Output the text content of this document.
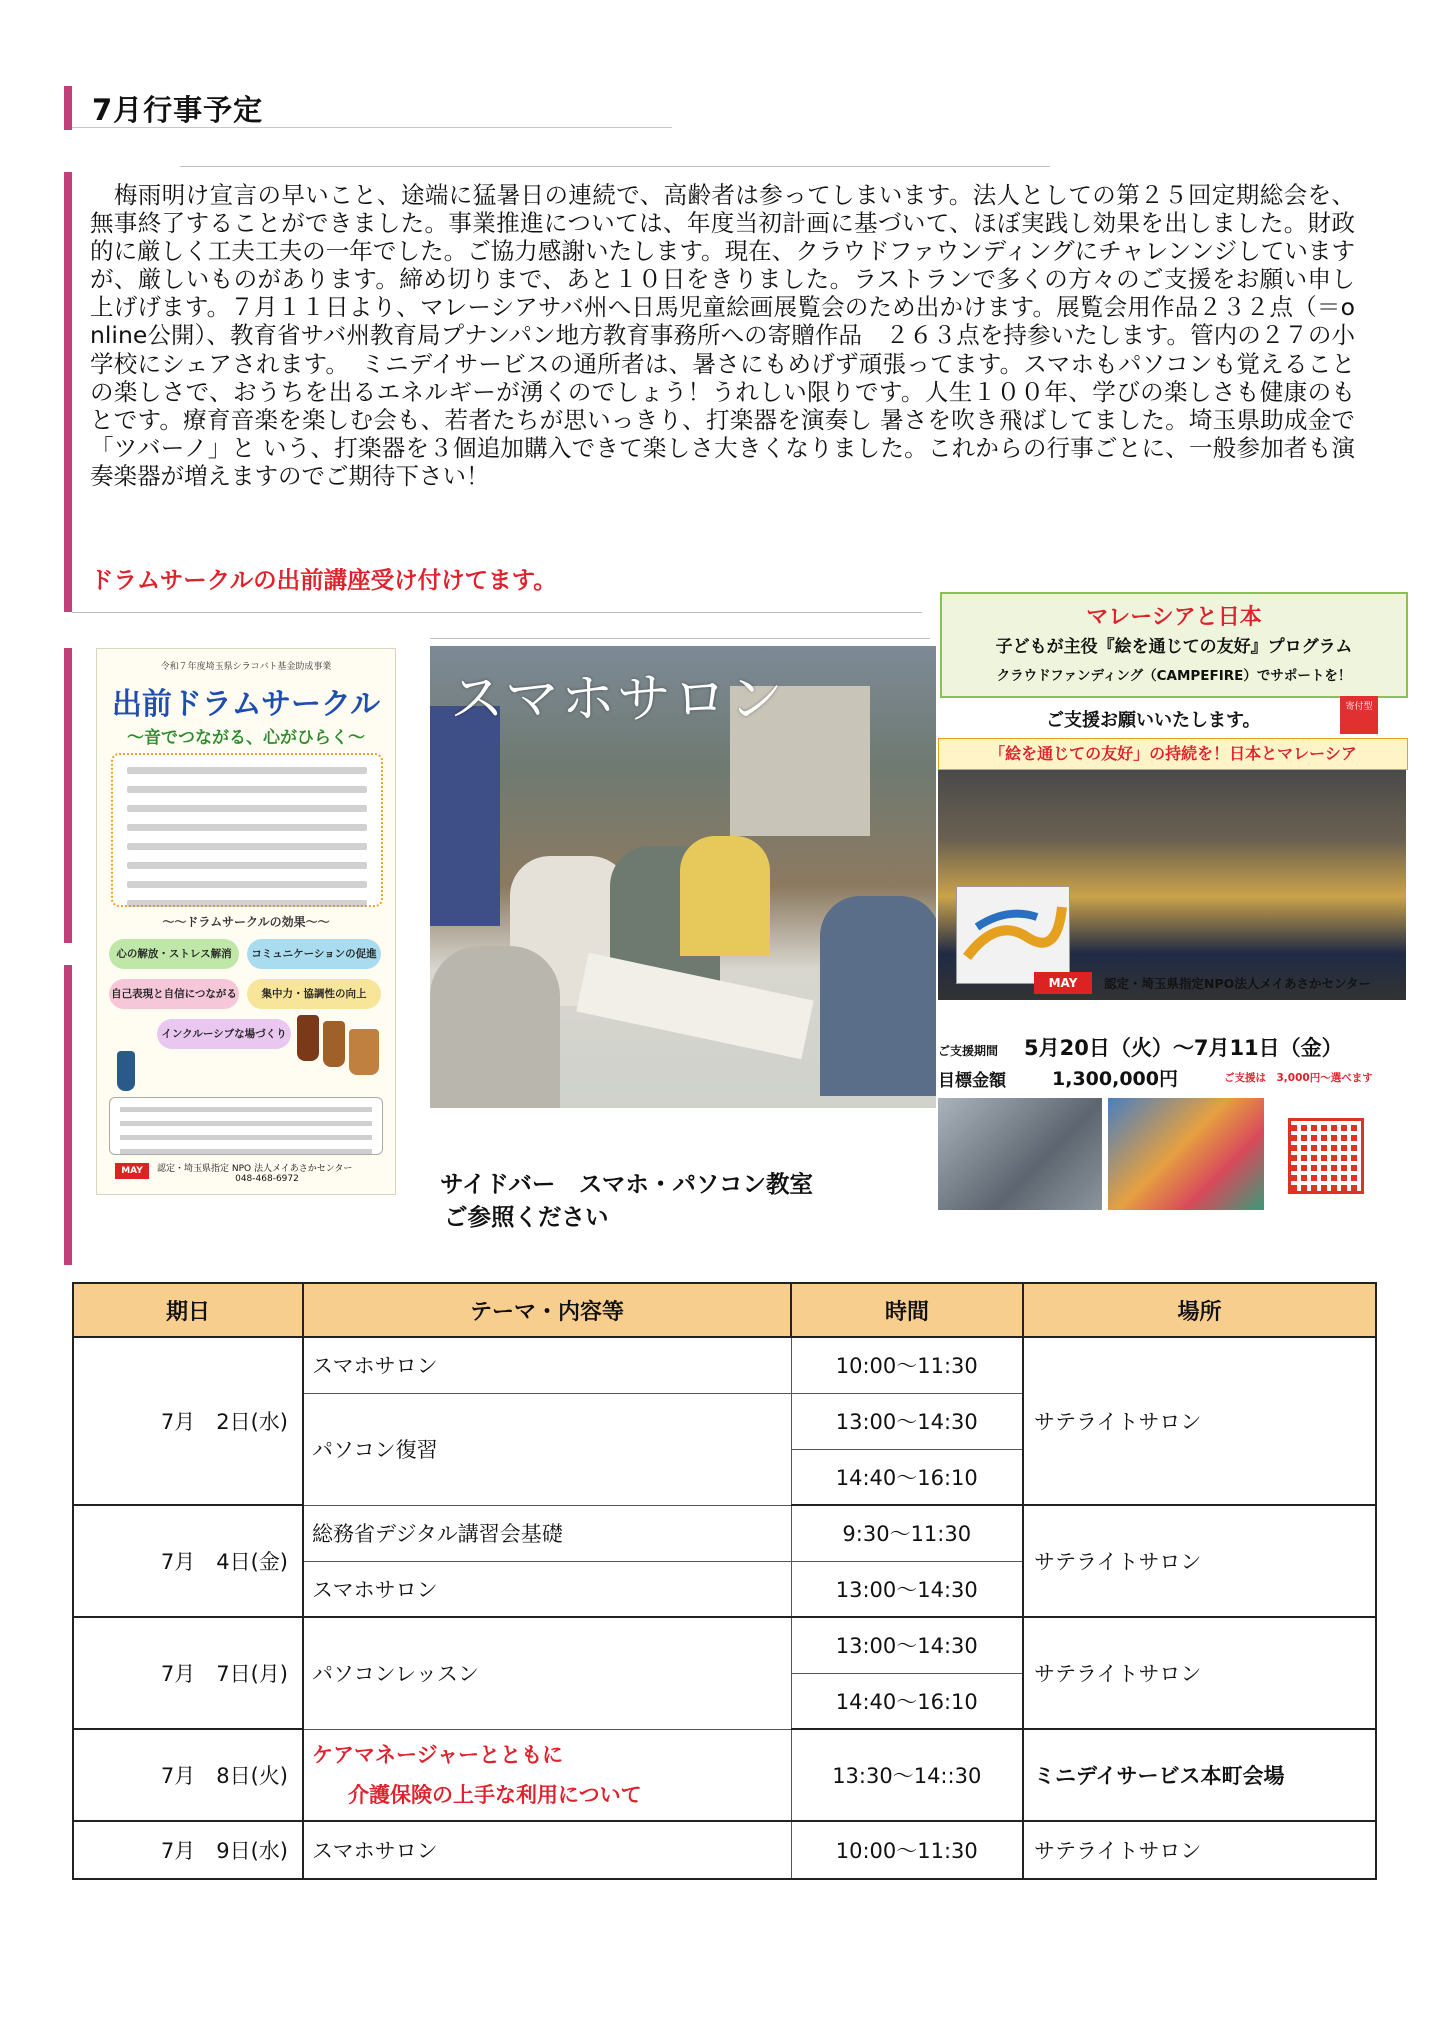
7月行事予定
　梅雨明け宣言の早いこと、途端に猛暑日の連続で、高齢者は参ってしまいます。法人としての第２５回定期総会を、無事終了することができました。事業推進については、年度当初計画に基づいて、ほぼ実践し効果を出しました。財政的に厳しく工夫工夫の一年でした。ご協力感謝いたします。現在、クラウドファウンディングにチャレンンジしていますが、厳しいものがあります。締め切りまで、あと１０日をきりました。ラストランで多くの方々のご支援をお願い申し上げげます。７月１１日より、マレーシアサバ州へ日馬児童絵画展覧会のため出かけます。展覧会用作品２３２点（＝online公開）、教育省サバ州教育局プナンパン地方教育事務所への寄贈作品　２６３点を持参いたします。管内の２７の小学校にシェアされます。　ミニデイサービスの通所者は、暑さにもめげず頑張ってます。スマホもパソコンも覚えることの楽しさで、おうちを出るエネルギーが湧くのでしょう！うれしい限りです。人生１００年、学びの楽しさも健康のもとです。療育音楽を楽しむ会も、若者たちが思いっきり、打楽器を演奏し 暑さを吹き飛ばしてました。埼玉県助成金で「ツバーノ」と いう、打楽器を３個追加購入できて楽しさ大きくなりました。これからの行事ごとに、一般参加者も演奏楽器が増えますのでご期待下さい！
ドラムサークルの出前講座受け付けてます。
令和７年度埼玉県シラコバト基金助成事業
出前ドラムサークル
～音でつながる、心がひらく～
～～ドラムサークルの効果～～
心の解放・ストレス解消	コミュニケーションの促進
自己表現と自信につながる	集中力・協調性の向上
インクルーシブな場づくり
MAY	認定・埼玉県指定 NPO 法人メイあさかセンター
048-468-6972
スマホサロン
サイドバー　スマホ・パソコン教室
ご参照ください
マレーシアと日本
子どもが主役『絵を通じての友好』プログラム
クラウドファンディング（CAMPEFIRE）でサポートを！
ご支援お願いいたします。
寄付型
「絵を通じての友好」の持続を！日本とマレーシア
MAY	認定・埼玉県指定NPO法人メイあさかセンター
ご支援期間 5月20日（火）～7月11日（金）
目標金額 1,300,000円	ご支援は　3,000円～選べます
期日	テーマ・内容等	時間	場所
7月　2日(水)	スマホサロン	10:00～11:30	サテライトサロン
	パソコン復習	13:00～14:30	
		14:40～16:10	
7月　4日(金)	総務省デジタル講習会基礎	9:30～11:30	サテライトサロン
	スマホサロン	13:00～14:30	
7月　7日(月)	パソコンレッスン	13:00～14:30	サテライトサロン
		14:40～16:10	
7月　8日(火)	ケアマネージャーとともに
介護保険の上手な利用について	13:30～14::30	ミニデイサービス本町会場
7月　9日(水)	スマホサロン	10:00～11:30	サテライトサロン
